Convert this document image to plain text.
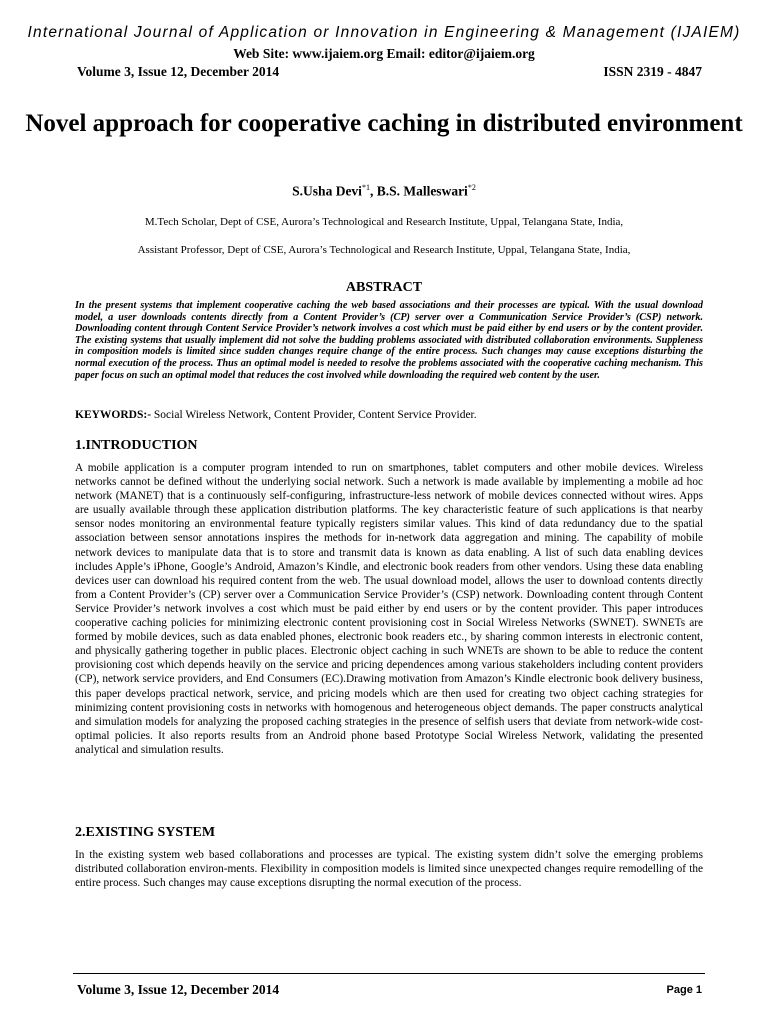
International Journal of Application or Innovation in Engineering & Management (IJAIEM)
Web Site: www.ijaiem.org Email: editor@ijaiem.org
Volume 3, Issue 12, December 2014	ISSN 2319 - 4847
Novel approach for cooperative caching in distributed environment
S.Usha Devi$^{*1}$, B.S. Malleswari$^{*2}$
M.Tech Scholar, Dept of CSE, Aurora’s Technological and Research Institute, Uppal, Telangana State, India,
Assistant Professor, Dept of CSE, Aurora’s Technological and Research Institute, Uppal, Telangana State, India,
ABSTRACT

In the present systems that implement cooperative caching the web based associations and their processes are typical. With the usual download model, a user downloads contents directly from a Content Provider’s (CP) server over a Communication Service Provider’s (CSP) network. Downloading content through Content Service Provider’s network involves a cost which must be paid either by end users or by the content provider. The existing systems that usually implement did not solve the budding problems associated with distributed collaboration environments. Suppleness in composition models is limited since sudden changes require change of the entire process. Such changes may cause exceptions disturbing the normal execution of the process. Thus an optimal model is needed to resolve the problems associated with the cooperative caching mechanism. This paper focus on such an optimal model that reduces the cost involved while downloading the required web content by the user.

KEYWORDS:- Social Wireless Network, Content Provider, Content Service Provider.

1.INTRODUCTION

A mobile application is a computer program intended to run on smartphones, tablet computers and other mobile devices. Wireless networks cannot be defined without the underlying social network. Such a network is made available by implementing a mobile ad hoc network (MANET) that is a continuously self-configuring, infrastructure-less network of mobile devices connected without wires. Apps are usually available through these application distribution platforms. The key characteristic feature of such applications is that nearby sensor nodes monitoring an environmental feature typically registers similar values. This kind of data redundancy due to the spatial association between sensor annotations inspires the methods for in-network data aggregation and mining. The capability of mobile network devices to manipulate data that is to store and transmit data is known as data enabling. A list of such data enabling devices includes Apple’s iPhone, Google’s Android, Amazon’s Kindle, and electronic book readers from other vendors. Using these data enabling devices user can download his required content from the web. The usual download model, allows the user to download contents directly from a Content Provider’s (CP) server over a Communication Service Provider’s (CSP) network. Downloading content through Content Service Provider’s network involves a cost which must be paid either by end users or by the content provider. This paper introduces cooperative caching policies for minimizing electronic content provisioning cost in Social Wireless Networks (SWNET). SWNETs are formed by mobile devices, such as data enabled phones, electronic book readers etc., by sharing common interests in electronic content, and physically gathering together in public places. Electronic object caching in such WNETs are shown to be able to reduce the content provisioning cost which depends heavily on the service and pricing dependences among various stakeholders including content providers (CP), network service providers, and End Consumers (EC).Drawing motivation from Amazon’s Kindle electronic book delivery business, this paper develops practical network, service, and pricing models which are then used for creating two object caching strategies for minimizing content provisioning costs in networks with homogenous and heterogeneous object demands. The paper constructs analytical and simulation models for analyzing the proposed caching strategies in the presence of selfish users that deviate from network-wide cost-optimal policies. It also reports results from an Android phone based Prototype Social Wireless Network, validating the presented analytical and simulation results.

2.EXISTING SYSTEM

In the existing system web based collaborations and processes are typical. The existing system didn’t solve the emerging problems distributed collaboration environ-ments. Flexibility in composition models is limited since unexpected changes require remodelling of the entire process. Such changes may cause exceptions disrupting the normal execution of the process.

Volume 3, Issue 12, December 2014	Page 1
